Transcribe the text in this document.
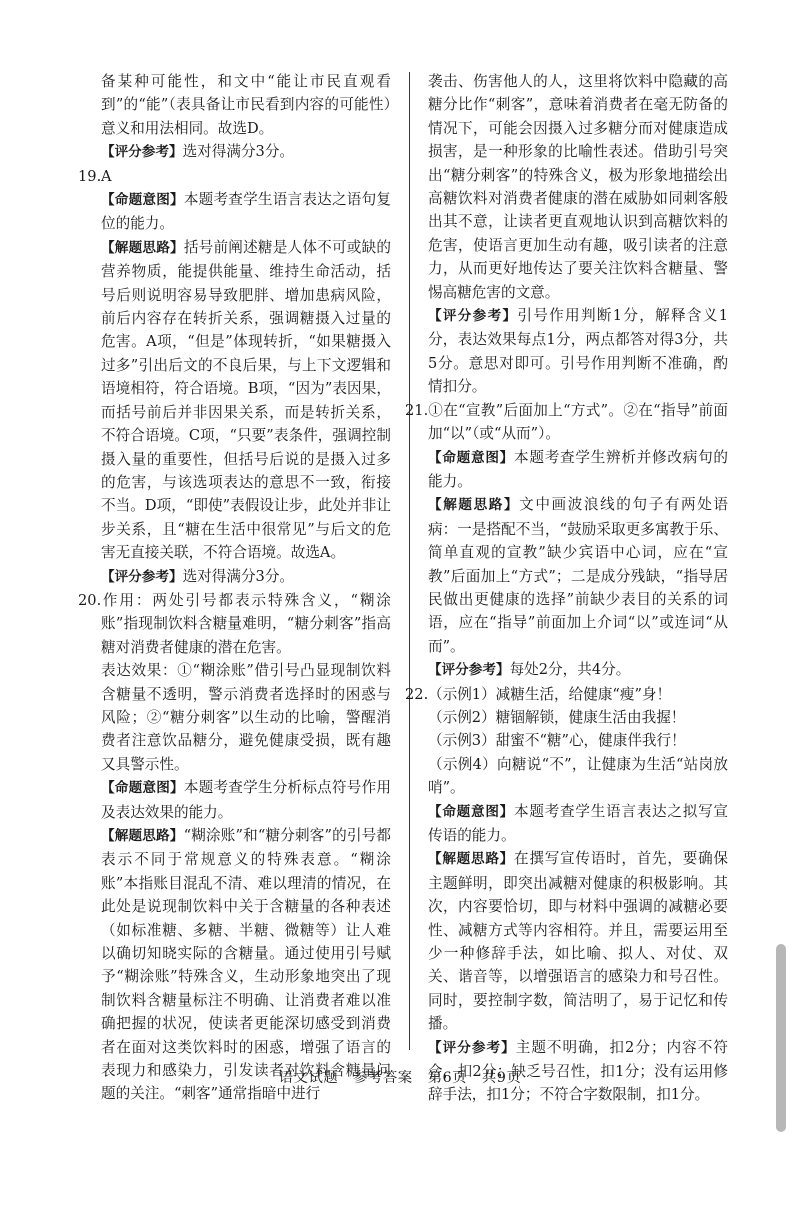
备某种可能性，和文中“能让市民直观看到”的“能”（表具备让市民看到内容的可能性）意义和用法相同。故选D。

【评分参考】选对得满分3分。

19.A

【命题意图】本题考查学生语言表达之语句复位的能力。

【解题思路】括号前阐述糖是人体不可或缺的营养物质，能提供能量、维持生命活动，括号后则说明容易导致肥胖、增加患病风险，前后内容存在转折关系，强调糖摄入过量的危害。A项，“但是”体现转折，“如果糖摄入过多”引出后文的不良后果，与上下文逻辑和语境相符，符合语境。B项，“因为”表因果，而括号前后并非因果关系，而是转折关系，不符合语境。C项，“只要”表条件，强调控制摄入量的重要性，但括号后说的是摄入过多的危害，与该选项表达的意思不一致，衔接不当。D项，“即使”表假设让步，此处并非让步关系，且“糖在生活中很常见”与后文的危害无直接关联，不符合语境。故选A。

【评分参考】选对得满分3分。

20.作用：两处引号都表示特殊含义，“糊涂账”指现制饮料含糖量难明，“糖分刺客”指高糖对消费者健康的潜在危害。

表达效果：①“糊涂账”借引号凸显现制饮料含糖量不透明，警示消费者选择时的困惑与风险；②“糖分刺客”以生动的比喻，警醒消费者注意饮品糖分，避免健康受损，既有趣又具警示性。

【命题意图】本题考查学生分析标点符号作用及表达效果的能力。

【解题思路】“糊涂账”和“糖分刺客”的引号都表示不同于常规意义的特殊表意。“糊涂账”本指账目混乱不清、难以理清的情况，在此处是说现制饮料中关于含糖量的各种表述（如标准糖、多糖、半糖、微糖等）让人难以确切知晓实际的含糖量。通过使用引号赋予“糊涂账”特殊含义，生动形象地突出了现制饮料含糖量标注不明确、让消费者难以准确把握的状况，使读者更能深切感受到消费者在面对这类饮料时的困惑，增强了语言的表现力和感染力，引发读者对饮料含糖量问题的关注。“刺客”通常指暗中进行

袭击、伤害他人的人，这里将饮料中隐藏的高糖分比作“刺客”，意味着消费者在毫无防备的情况下，可能会因摄入过多糖分而对健康造成损害，是一种形象的比喻性表述。借助引号突出“糖分刺客”的特殊含义，极为形象地描绘出高糖饮料对消费者健康的潜在威胁如同刺客般出其不意，让读者更直观地认识到高糖饮料的危害，使语言更加生动有趣，吸引读者的注意力，从而更好地传达了要关注饮料含糖量、警惕高糖危害的文意。

【评分参考】引号作用判断1分，解释含义1分，表达效果每点1分，两点都答对得3分，共5分。意思对即可。引号作用判断不准确，酌情扣分。

21.①在“宣教”后面加上“方式”。②在“指导”前面加“以”（或“从而”）。

【命题意图】本题考查学生辨析并修改病句的能力。

【解题思路】文中画波浪线的句子有两处语病：一是搭配不当，“鼓励采取更多寓教于乐、简单直观的宣教”缺少宾语中心词，应在“宣教”后面加上“方式”；二是成分残缺，“指导居民做出更健康的选择”前缺少表目的关系的词语，应在“指导”前面加上介词“以”或连词“从而”。

【评分参考】每处2分，共4分。

22.（示例1）减糖生活，给健康“瘦”身！

（示例2）糖锢解锁，健康生活由我握！

（示例3）甜蜜不“糖”心，健康伴我行！

（示例4）向糖说“不”，让健康为生活“站岗放哨”。

【命题意图】本题考查学生语言表达之拟写宣传语的能力。

【解题思路】在撰写宣传语时，首先，要确保主题鲜明，即突出减糖对健康的积极影响。其次，内容要恰切，即与材料中强调的减糖必要性、减糖方式等内容相符。并且，需要运用至少一种修辞手法，如比喻、拟人、对仗、双关、谐音等，以增强语言的感染力和号召性。同时，要控制字数，简洁明了，易于记忆和传播。

【评分参考】主题不明确，扣2分；内容不符合，扣2分；缺乏号召性，扣1分；没有运用修辞手法，扣1分；不符合字数限制，扣1分。

语文试题　参考答案　第6页　共9页
